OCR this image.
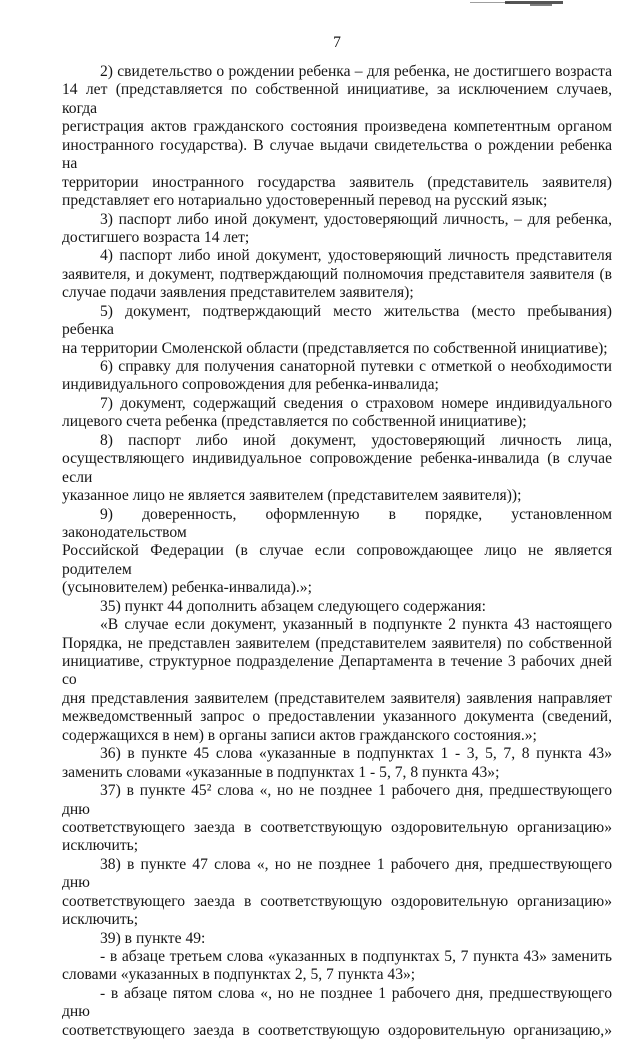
7
2) свидетельство о рождении ребенка – для ребенка, не достигшего возраста
14 лет (представляется по собственной инициативе, за исключением случаев, когда
регистрация актов гражданского состояния произведена компетентным органом
иностранного государства). В случае выдачи свидетельства о рождении ребенка на
территории иностранного государства заявитель (представитель заявителя)
представляет его нотариально удостоверенный перевод на русский язык;
3) паспорт либо иной документ, удостоверяющий личность, – для ребенка,
достигшего возраста 14 лет;
4) паспорт либо иной документ, удостоверяющий личность представителя
заявителя, и документ, подтверждающий полномочия представителя заявителя (в
случае подачи заявления представителем заявителя);
5) документ, подтверждающий место жительства (место пребывания) ребенка
на территории Смоленской области (представляется по собственной инициативе);
6) справку для получения санаторной путевки с отметкой о необходимости
индивидуального сопровождения для ребенка-инвалида;
7) документ, содержащий сведения о страховом номере индивидуального
лицевого счета ребенка (представляется по собственной инициативе);
8) паспорт либо иной документ, удостоверяющий личность лица,
осуществляющего индивидуальное сопровождение ребенка-инвалида (в случае если
указанное лицо не является заявителем (представителем заявителя));
9) доверенность, оформленную в порядке, установленном законодательством
Российской Федерации (в случае если сопровождающее лицо не является родителем
(усыновителем) ребенка-инвалида).»;
35) пункт 44 дополнить абзацем следующего содержания:
«В случае если документ, указанный в подпункте 2 пункта 43 настоящего
Порядка, не представлен заявителем (представителем заявителя) по собственной
инициативе, структурное подразделение Департамента в течение 3 рабочих дней со
дня представления заявителем (представителем заявителя) заявления направляет
межведомственный запрос о предоставлении указанного документа (сведений,
содержащихся в нем) в органы записи актов гражданского состояния.»;
36) в пункте 45 слова «указанные в подпунктах 1 - 3, 5, 7, 8 пункта 43»
заменить словами «указанные в подпунктах 1 - 5, 7, 8 пункта 43»;
37) в пункте 45² слова «, но не позднее 1 рабочего дня, предшествующего дню
соответствующего заезда в соответствующую оздоровительную организацию»
исключить;
38) в пункте 47 слова «, но не позднее 1 рабочего дня, предшествующего дню
соответствующего заезда в соответствующую оздоровительную организацию»
исключить;
39) в пункте 49:
- в абзаце третьем слова «указанных в подпунктах 5, 7 пункта 43» заменить
словами «указанных в подпунктах 2, 5, 7 пункта 43»;
- в абзаце пятом слова «, но не позднее 1 рабочего дня, предшествующего дню
соответствующего заезда в соответствующую оздоровительную организацию,»
